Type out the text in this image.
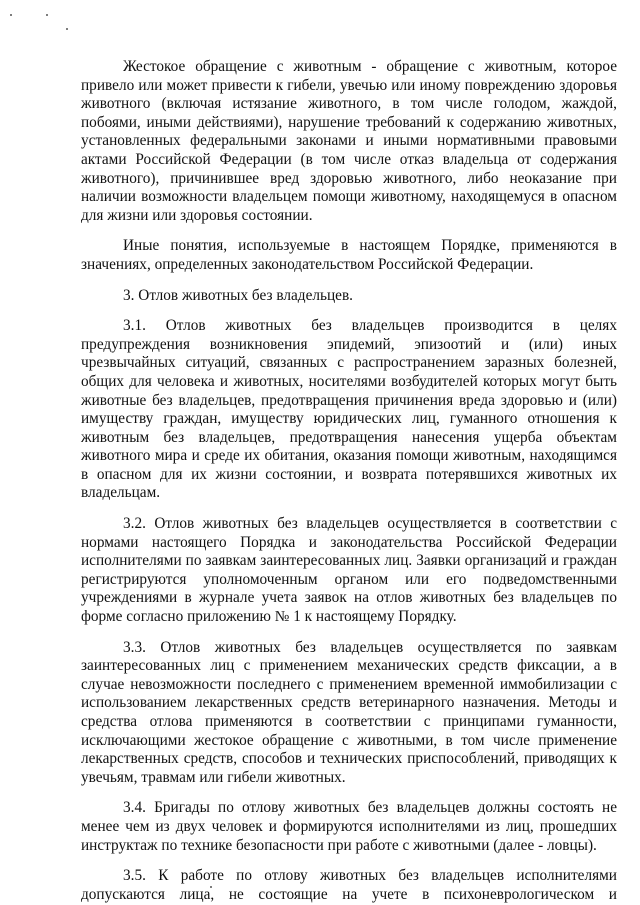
Жестокое обращение с животным - обращение с животным, которое привело или может привести к гибели, увечью или иному повреждению здоровья животного (включая истязание животного, в том числе голодом, жаждой, побоями, иными действиями), нарушение требований к содержанию животных, установленных федеральными законами и иными нормативными правовыми актами Российской Федерации (в том числе отказ владельца от содержания животного), причинившее вред здоровью животного, либо неоказание при наличии возможности владельцем помощи животному, находящемуся в опасном для жизни или здоровья состоянии.

Иные понятия, используемые в настоящем Порядке, применяются в значениях, определенных законодательством Российской Федерации.

3. Отлов животных без владельцев.

3.1. Отлов животных без владельцев производится в целях предупреждения возникновения эпидемий, эпизоотий и (или) иных чрезвычайных ситуаций, связанных с распространением заразных болезней, общих для человека и животных, носителями возбудителей которых могут быть животные без владельцев, предотвращения причинения вреда здоровью и (или) имуществу граждан, имуществу юридических лиц, гуманного отношения к животным без владельцев, предотвращения нанесения ущерба объектам животного мира и среде их обитания, оказания помощи животным, находящимся в опасном для их жизни состоянии, и возврата потерявшихся животных их владельцам.

3.2. Отлов животных без владельцев осуществляется в соответствии с нормами настоящего Порядка и законодательства Российской Федерации исполнителями по заявкам заинтересованных лиц. Заявки организаций и граждан регистрируются уполномоченным органом или его подведомственными учреждениями в журнале учета заявок на отлов животных без владельцев по форме согласно приложению № 1 к настоящему Порядку.

3.3. Отлов животных без владельцев осуществляется по заявкам заинтересованных лиц с применением механических средств фиксации, а в случае невозможности последнего с применением временной иммобилизации с использованием лекарственных средств ветеринарного назначения. Методы и средства отлова применяются в соответствии с принципами гуманности, исключающими жестокое обращение с животными, в том числе применение лекарственных средств, способов и технических приспособлений, приводящих к увечьям, травмам или гибели животных.

3.4. Бригады по отлову животных без владельцев должны состоять не менее чем из двух человек и формируются исполнителями из лиц, прошедших инструктаж по технике безопасности при работе с животными (далее - ловцы).

3.5. К работе по отлову животных без владельцев исполнителями допускаются лица, не состоящие на учете в психоневрологическом и
